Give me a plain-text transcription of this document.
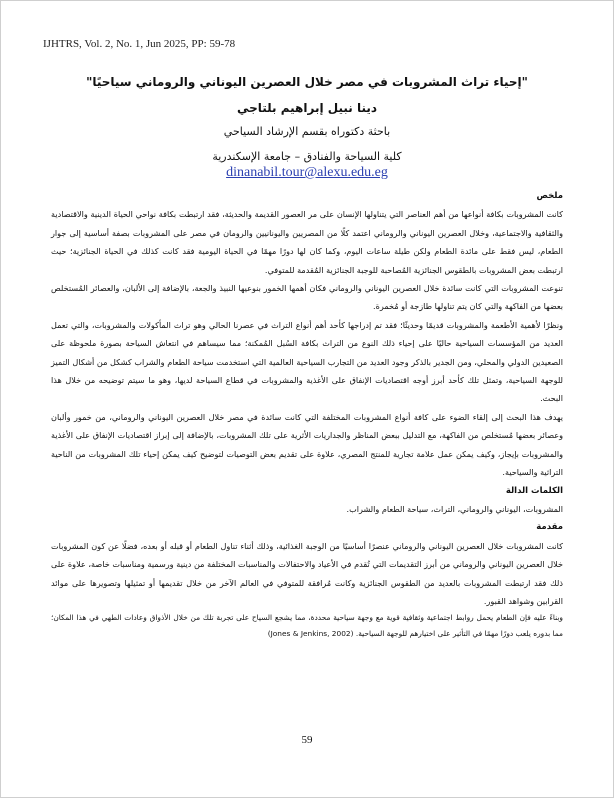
IJHTRS, Vol. 2, No. 1, Jun 2025, PP: 59-78
"إحياء تراث المشروبات في مصر خلال العصرين اليوناني والروماني سياحيًا"
دينا نبيل إبراهيم بلتاجي
باحثة دكتوراه بقسم الإرشاد السياحي
كلية السياحة والفنادق – جامعة الإسكندرية
dinanabil.tour@alexu.edu.eg
ملخص

كانت المشروبات بكافة أنواعها من أهم العناصر التي يتناولها الإنسان على مر العصور القديمة والحديثة، فقد ارتبطت بكافة نواحي الحياة الدينية والاقتصادية والثقافية والاجتماعية، وخلال العصرين اليوناني والروماني اعتمد كلًا من المصريين واليونانيين والرومان في مصر على المشروبات بصفة أساسية إلى جوار الطعام، ليس فقط على مائدة الطعام ولكن طيلة ساعات اليوم، وكما كان لها دورًا مهمًا في الحياة اليومية فقد كانت كذلك في الحياة الجنائزية؛ حيث ارتبطت بعض المشروبات بالطقوس الجنائزية المُصاحبة للوجبة الجنائزية المُقدمة للمتوفي.

تنوعت المشروبات التي كانت سائدة خلال العصرين اليوناني والروماني فكان أهمها الخمور بنوعيها النبيذ والجعة، بالإضافة إلى الألبان، والعصائر المُستخلص بعضها من الفاكهة والتي كان يتم تناولها طازجة أو مُخمرة.

ونظرًا لأهمية الأطعمة والمشروبات قديمًا وحديثًا؛ فقد تم إدراجها كأحد أهم أنواع التراث في عصرنا الحالي وهو تراث المأكولات والمشروبات، والتي تعمل العديد من المؤسسات السياحية حاليًا على إحياء ذلك النوع من التراث بكافة السُبل المُمكنة؛ مما سيساهم في انتعاش السياحة بصورة ملحوظة على الصعيدين الدولي والمحلي، ومن الجدير بالذكر وجود العديد من التجارب السياحية العالمية التي استخدمت سياحة الطعام والشراب كشكل من أشكال التميز للوجهة السياحية، وتمثل تلك كأحد أبرز أوجه اقتصاديات الإنفاق على الأغذية والمشروبات في قطاع السياحة لديها، وهو ما سيتم توضيحه من خلال هذا البحث.

يهدف هذا البحث إلى إلقاء الضوء على كافة أنواع المشروبات المختلفة التي كانت سائدة في مصر خلال العصرين اليوناني والروماني، من خمور وألبان وعصائر بعضها مُستخلص من الفاكهة، مع التدليل ببعض المناظر والجداريات الأثرية على تلك المشروبات، بالإضافة إلى إبراز اقتصاديات الإنفاق على الأغذية والمشروبات بإيجاز، وكيف يمكن عمل علامة تجارية للمنتج المصري، علاوة على تقديم بعض التوصيات لتوضيح كيف يمكن إحياء تلك المشروبات من الناحية التراثية والسياحية.

الكلمات الدالة

المشروبات، اليوناني والروماني، التراث، سياحة الطعام والشراب.

مقدمة

كانت المشروبات خلال العصرين اليوناني والروماني عنصرًا أساسيًا من الوجبة الغذائية، وذلك أثناء تناول الطعام أو قبله أو بعده، فضلًا عن كون المشروبات خلال العصرين اليوناني والروماني من أبرز التقديمات التي تُقدم في الأعياد والاحتفالات والمناسبات المختلفة من دينية ورسمية ومناسبات خاصة، علاوة على ذلك فقد ارتبطت المشروبات بالعديد من الطقوس الجنائزية وكانت مُرافقة للمتوفي في العالم الآخر من خلال تقديمها أو تمثيلها وتصويرها على موائد القرابين وشواهد القبور.

وبناءً عليه فإن الطعام يحمل روابط اجتماعية وثقافية قوية مع وجهة سياحية محددة، مما يشجع السياح على تجربة تلك من خلال الأذواق وعادات الطهي في هذا المكان؛ مما بدوره يلعب دورًا مهمًا في التأثير على اختيارهم للوجهة السياحية. (Jones & Jenkins, 2002)

59
